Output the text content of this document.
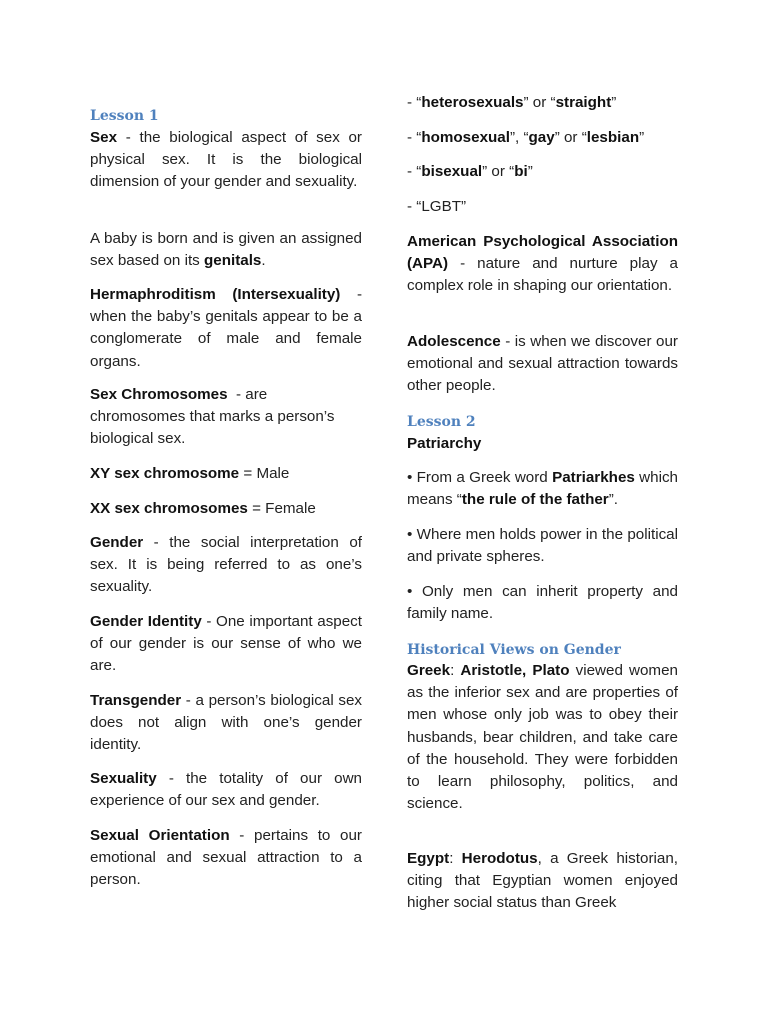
Lesson 1

Sex - the biological aspect of sex or physical sex. It is the biological dimension of your gender and sexuality.

A baby is born and is given an assigned sex based on its genitals.

Hermaphroditism (Intersexuality) - when the baby’s genitals appear to be a conglomerate of male and female organs.

Sex Chromosomes  - are chromosomes that marks a person’s biological sex.

XY sex chromosome = Male

XX sex chromosomes = Female

Gender - the social interpretation of sex. It is being referred to as one’s sexuality.

Gender Identity - One important aspect of our gender is our sense of who we are.

Transgender - a person’s biological sex does not align with one’s gender identity.

Sexuality - the totality of our own experience of our sex and gender.

Sexual Orientation - pertains to our emotional and sexual attraction to a person.

- “heterosexuals” or “straight”

- “homosexual”, “gay” or “lesbian”

- “bisexual” or “bi”

- “LGBT”

American Psychological Association (APA) - nature and nurture play a complex role in shaping our orientation.

Adolescence - is when we discover our emotional and sexual attraction towards other people.

Lesson 2

Patriarchy

• From a Greek word Patriarkhes which means “the rule of the father”.

• Where men holds power in the political and private spheres.

• Only men can inherit property and family name.

Historical Views on Gender

Greek: Aristotle, Plato viewed women as the inferior sex and are properties of men whose only job was to obey their husbands, bear children, and take care of the household. They were forbidden to learn philosophy, politics, and science.

Egypt: Herodotus, a Greek historian, citing that Egyptian women enjoyed higher social status than Greek
